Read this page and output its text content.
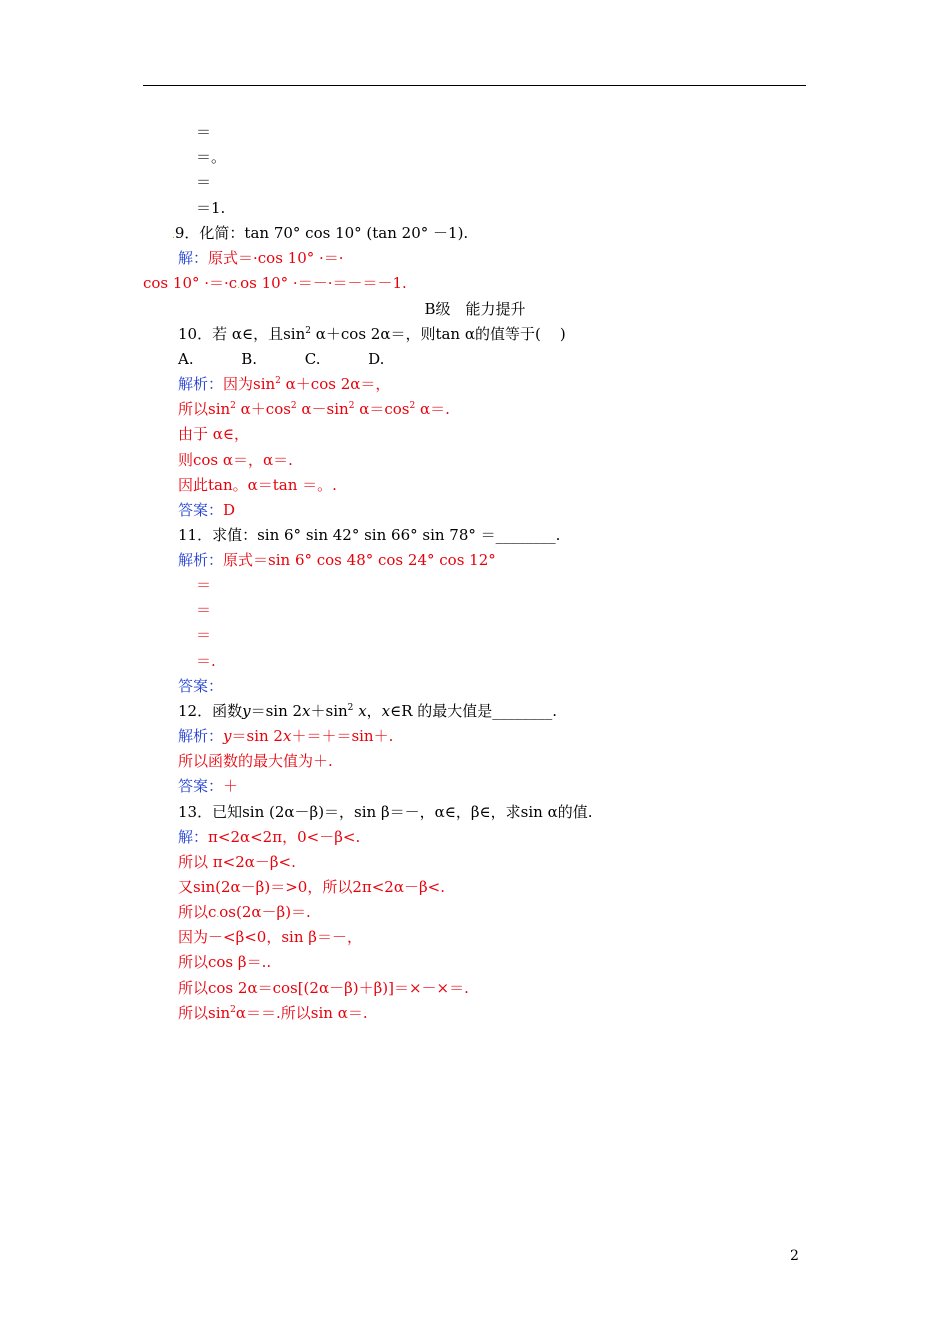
＝
＝。
＝
＝1.
.9．化简：tan 70° cos 10° (tan 20° －1).
解：原式＝·cos 10° ·＝·
cos 10° ·＝·c.os 10° ·＝－·＝－＝－1.
10．若 α∈，且$\sin^2 \alpha+\cos$ 2α＝，则tan α的值等于(    )
A.          B.          C.          D.
解析：因为$\sin^2 \alpha+\cos$ 2α＝，
所以$\sin^2 \alpha+\cos^2$ $\alpha-\sin^2$ $\alpha=\cos^2$ α＝.
由于 α∈，
则cos α＝，α＝.
因此tan。α＝tan ＝。.
答案：D
11．求值：sin 6° sin 42° sin 66° sin 78° ＝________.
解析：原式＝sin 6° cos 48° cos 24° cos 12°
＝
＝
＝
＝.
答案：
12．函数y＝sin $2x+\sin^2$ x，x∈R 的最大值是________.
解析：y＝sin 2x＋＝＋＝sin＋.
所以函数的最大值为＋.
答案：＋
13．已知sin (2α－β)＝，sin β＝－，α∈，β∈，求sin α的值.
解：π<2α<2π，0<－β<.
所以 π<2α－β<.
又sin(2α－β)＝>0，所以2π<2α－β<.
所以c.os(2α－β)＝.
因为－<β<0，sin β＝－，
所以cos β＝..
所以cos 2α＝cos[(2α－β)＋β)]＝×－×＝.
所以$\sin^2\alpha==$.所以sin α＝.
B级　能力提升
2
